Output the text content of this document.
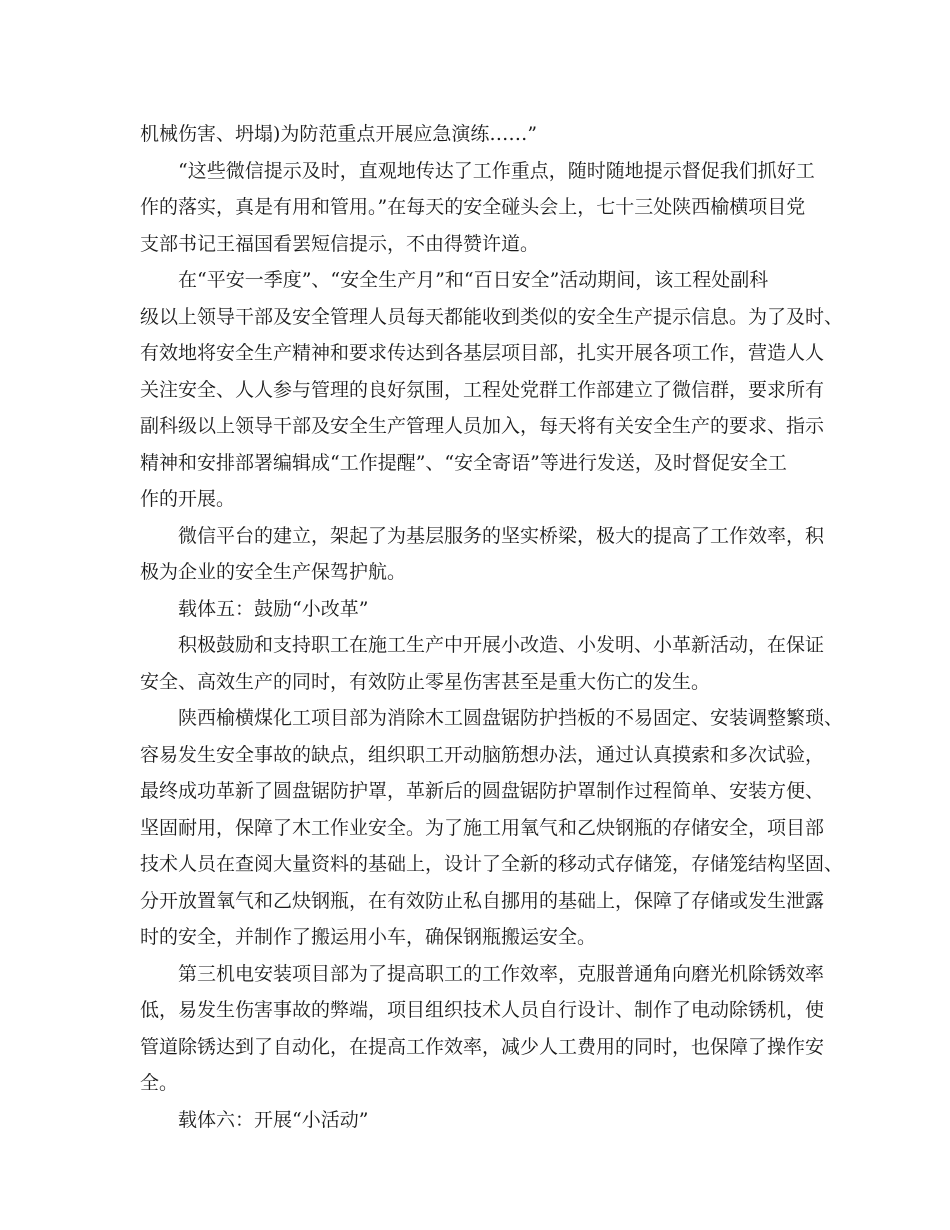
机械伤害、坍塌)为防范重点开展应急演练……”
“这些微信提示及时，直观地传达了工作重点，随时随地提示督促我们抓好工
作的落实，真是有用和管用。”在每天的安全碰头会上，七十三处陕西榆横项目党
支部书记王福国看罢短信提示，不由得赞许道。
在“平安一季度”、“安全生产月”和“百日安全”活动期间，该工程处副科
级以上领导干部及安全管理人员每天都能收到类似的安全生产提示信息。为了及时、
有效地将安全生产精神和要求传达到各基层项目部，扎实开展各项工作，营造人人
关注安全、人人参与管理的良好氛围，工程处党群工作部建立了微信群，要求所有
副科级以上领导干部及安全生产管理人员加入，每天将有关安全生产的要求、指示
精神和安排部署编辑成“工作提醒”、“安全寄语”等进行发送，及时督促安全工
作的开展。
微信平台的建立，架起了为基层服务的坚实桥梁，极大的提高了工作效率，积
极为企业的安全生产保驾护航。
载体五：鼓励“小改革”
积极鼓励和支持职工在施工生产中开展小改造、小发明、小革新活动，在保证
安全、高效生产的同时，有效防止零星伤害甚至是重大伤亡的发生。
陕西榆横煤化工项目部为消除木工圆盘锯防护挡板的不易固定、安装调整繁琐、
容易发生安全事故的缺点，组织职工开动脑筋想办法，通过认真摸索和多次试验，
最终成功革新了圆盘锯防护罩，革新后的圆盘锯防护罩制作过程简单、安装方便、
坚固耐用，保障了木工作业安全。为了施工用氧气和乙炔钢瓶的存储安全，项目部
技术人员在查阅大量资料的基础上，设计了全新的移动式存储笼，存储笼结构坚固、
分开放置氧气和乙炔钢瓶，在有效防止私自挪用的基础上，保障了存储或发生泄露
时的安全，并制作了搬运用小车，确保钢瓶搬运安全。
第三机电安装项目部为了提高职工的工作效率，克服普通角向磨光机除锈效率
低，易发生伤害事故的弊端，项目组织技术人员自行设计、制作了电动除锈机，使
管道除锈达到了自动化，在提高工作效率，减少人工费用的同时，也保障了操作安
全。
载体六：开展“小活动”
